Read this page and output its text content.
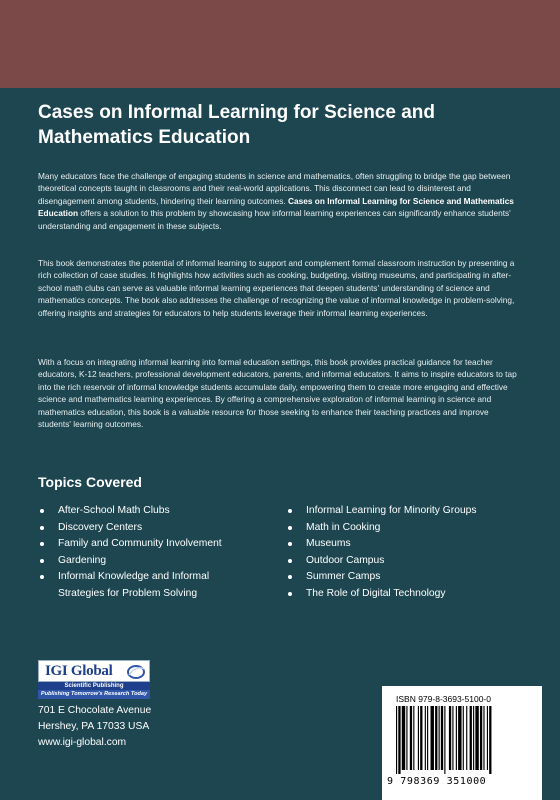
Cases on Informal Learning for Science and
Mathematics Education
Many educators face the challenge of engaging students in science and mathematics, often struggling to bridge the gap between theoretical concepts taught in classrooms and their real-world applications. This disconnect can lead to disinterest and disengagement among students, hindering their learning outcomes. Cases on Informal Learning for Science and Mathematics Education offers a solution to this problem by showcasing how informal learning experiences can significantly enhance students' understanding and engagement in these subjects.
This book demonstrates the potential of informal learning to support and complement formal classroom instruction by presenting a rich collection of case studies. It highlights how activities such as cooking, budgeting, visiting museums, and participating in after-school math clubs can serve as valuable informal learning experiences that deepen students' understanding of science and mathematics concepts. The book also addresses the challenge of recognizing the value of informal knowledge in problem-solving, offering insights and strategies for educators to help students leverage their informal learning experiences.
With a focus on integrating informal learning into formal education settings, this book provides practical guidance for teacher educators, K-12 teachers, professional development educators, parents, and informal educators. It aims to inspire educators to tap into the rich reservoir of informal knowledge students accumulate daily, empowering them to create more engaging and effective science and mathematics learning experiences. By offering a comprehensive exploration of informal learning in science and mathematics education, this book is a valuable resource for those seeking to enhance their teaching practices and improve students' learning outcomes.
Topics Covered
After-School Math Clubs
Discovery Centers
Family and Community Involvement
Gardening
Informal Knowledge and Informal Strategies for Problem Solving
Informal Learning for Minority Groups
Math in Cooking
Museums
Outdoor Campus
Summer Camps
The Role of Digital Technology
IGI Global
Scientific Publishing
Publishing Tomorrow's Research Today
701 E Chocolate Avenue
Hershey, PA 17033 USA
www.igi-global.com
ISBN 979-8-3693-5100-0
9 798369 351000
